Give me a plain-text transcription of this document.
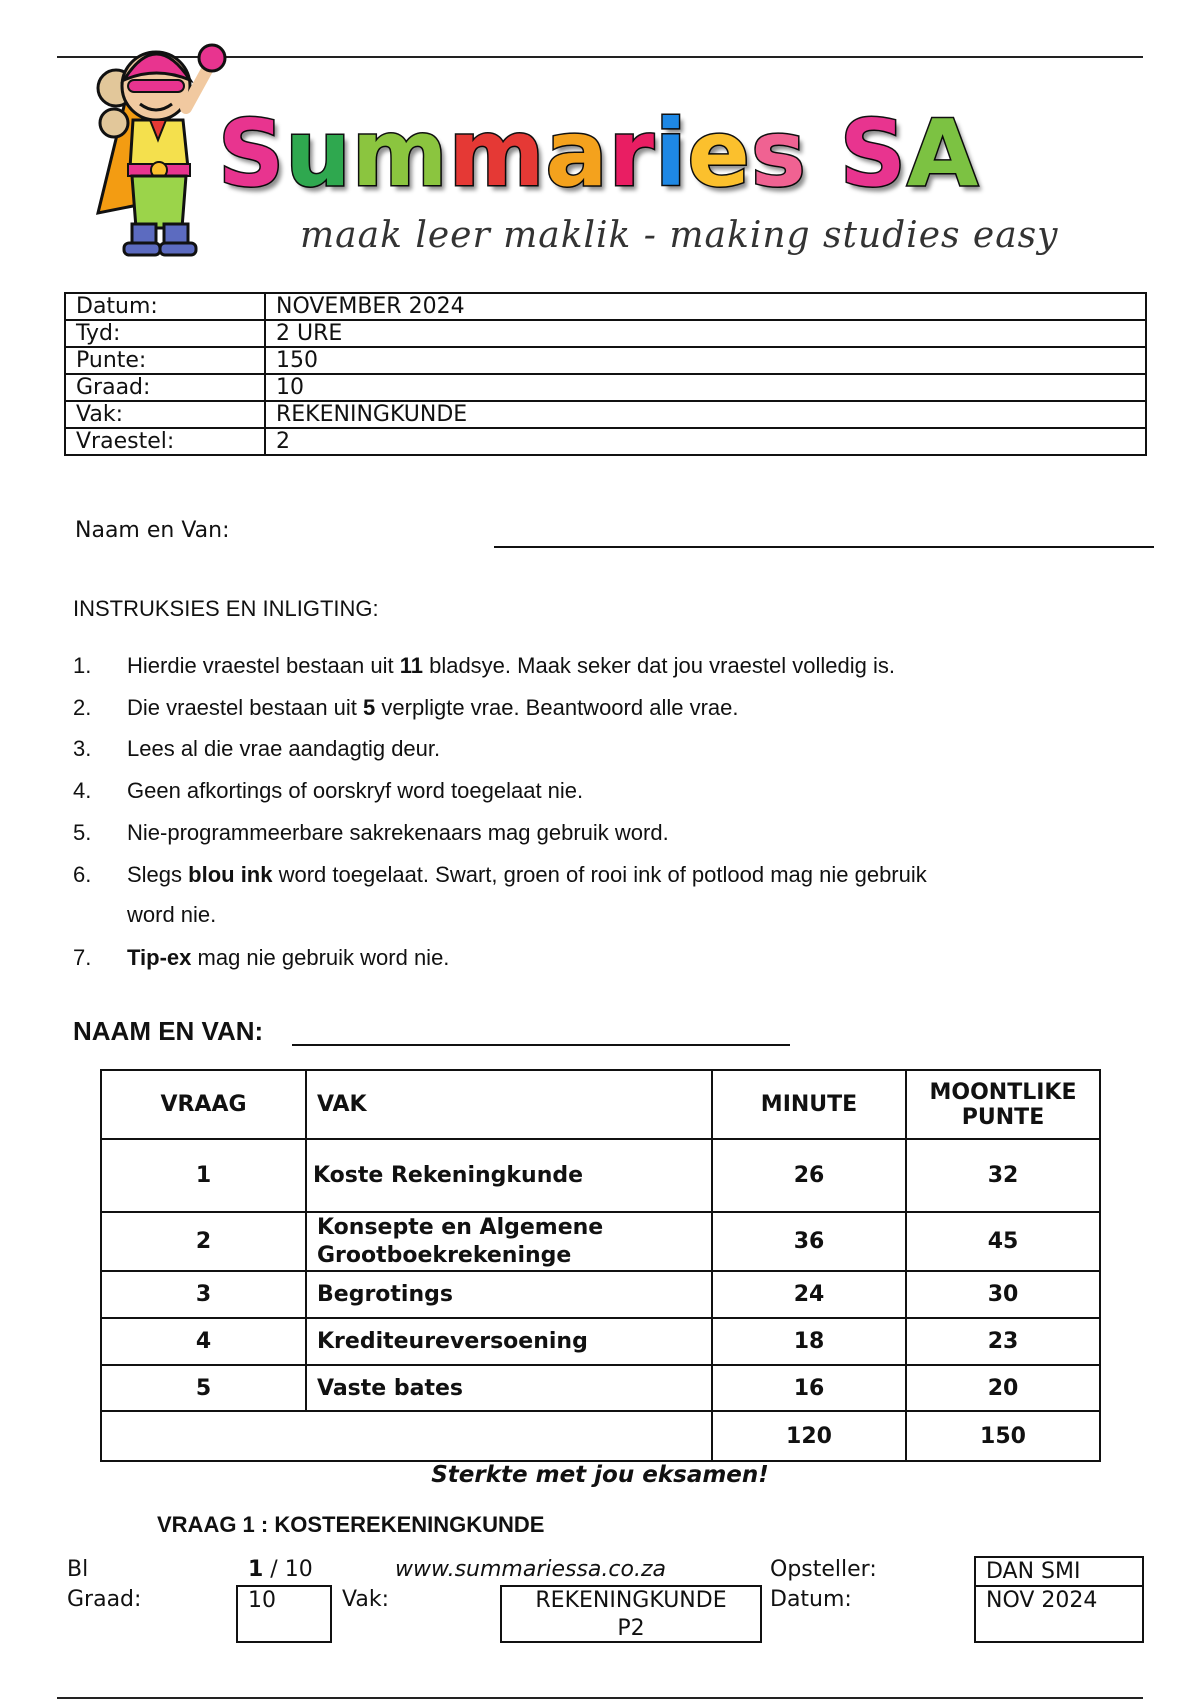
Summaries SA
maak leer maklik - making studies easy
Datum:	NOVEMBER 2024
Tyd:	2 URE
Punte:	150
Graad:	10
Vak:	REKENINGKUNDE
Vraestel:	2
Naam en Van:
INSTRUKSIES EN INLIGTING:
1.	Hierdie vraestel bestaan uit 11 bladsye. Maak seker dat jou vraestel volledig is.
2.	Die vraestel bestaan uit 5 verpligte vrae. Beantwoord alle vrae.
3.	Lees al die vrae aandagtig deur.
4.	Geen afkortings of oorskryf word toegelaat nie.
5.	Nie-programmeerbare sakrekenaars mag gebruik word.
6.	Slegs blou ink word toegelaat. Swart, groen of rooi ink of potlood mag nie gebruik
word nie.
7.	Tip-ex mag nie gebruik word nie.
NAAM EN VAN:
VRAAG	VAK	MINUTE	MOONTLIKE
PUNTE
1	Koste Rekeningkunde	26	32
2	Konsepte en Algemene
Grootboekrekeninge	36	45
3	Begrotings	24	30
4	Krediteureversoening	18	23
5	Vaste bates	16	20
		120	150
Sterkte met jou eksamen!
VRAAG 1 : KOSTEREKENINGKUNDE
Bl	1 / 10	www.summariessa.co.za	Opsteller:	DAN SMI
Graad:	10	Vak:	REKENINGKUNDE
P2
Datum:	NOV 2024
